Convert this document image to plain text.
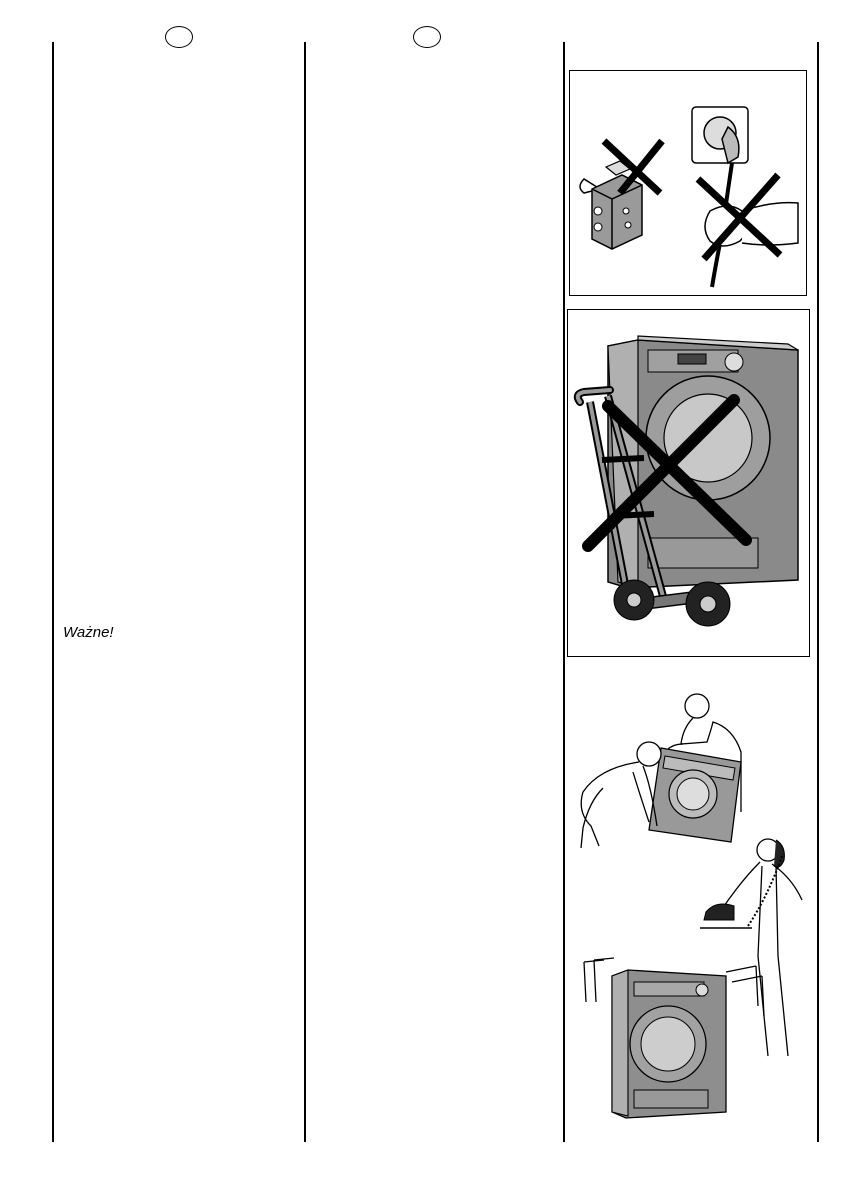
Ważne!
